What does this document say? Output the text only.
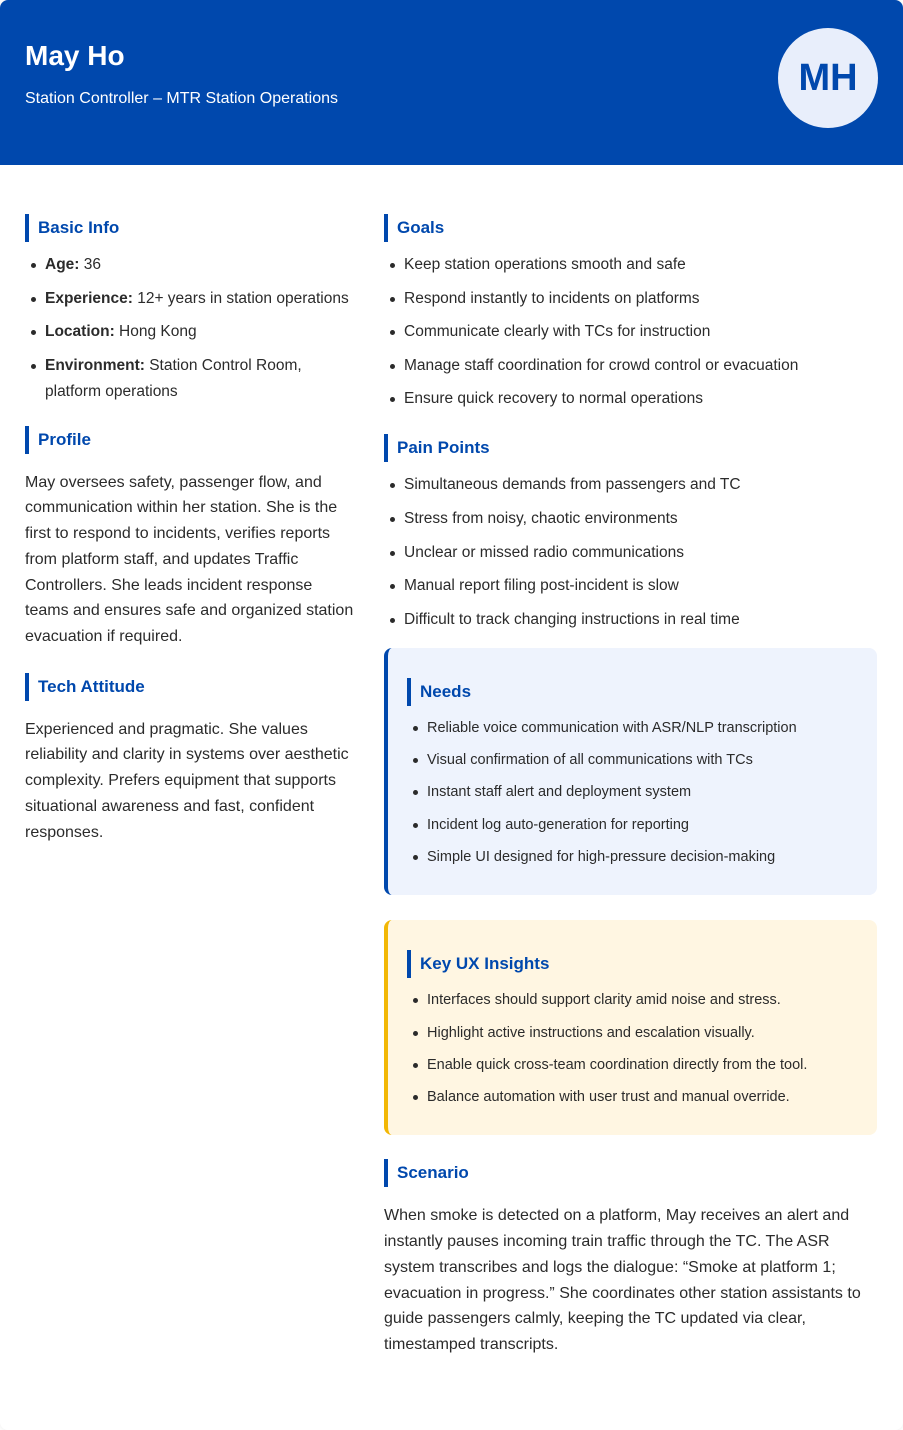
May Ho
Station Controller – MTR Station Operations	MH
Basic Info
Age: 36
Experience: 12+ years in station operations
Location: Hong Kong
Environment: Station Control Room, platform operations
Profile

May oversees safety, passenger flow, and communication within her station. She is the first to respond to incidents, verifies reports from platform staff, and updates Traffic Controllers. She leads incident response teams and ensures safe and organized station evacuation if required.

Tech Attitude

Experienced and pragmatic. She values reliability and clarity in systems over aesthetic complexity. Prefers equipment that supports situational awareness and fast, confident responses.

Goals
Keep station operations smooth and safe
Respond instantly to incidents on platforms
Communicate clearly with TCs for instruction
Manage staff coordination for crowd control or evacuation
Ensure quick recovery to normal operations
Pain Points
Simultaneous demands from passengers and TC
Stress from noisy, chaotic environments
Unclear or missed radio communications
Manual report filing post-incident is slow
Difficult to track changing instructions in real time
Needs
Reliable voice communication with ASR/NLP transcription
Visual confirmation of all communications with TCs
Instant staff alert and deployment system
Incident log auto-generation for reporting
Simple UI designed for high-pressure decision-making
Key UX Insights
Interfaces should support clarity amid noise and stress.
Highlight active instructions and escalation visually.
Enable quick cross-team coordination directly from the tool.
Balance automation with user trust and manual override.
Scenario

When smoke is detected on a platform, May receives an alert and instantly pauses incoming train traffic through the TC. The ASR system transcribes and logs the dialogue: “Smoke at platform 1; evacuation in progress.” She coordinates other station assistants to guide passengers calmly, keeping the TC updated via clear, timestamped transcripts.
